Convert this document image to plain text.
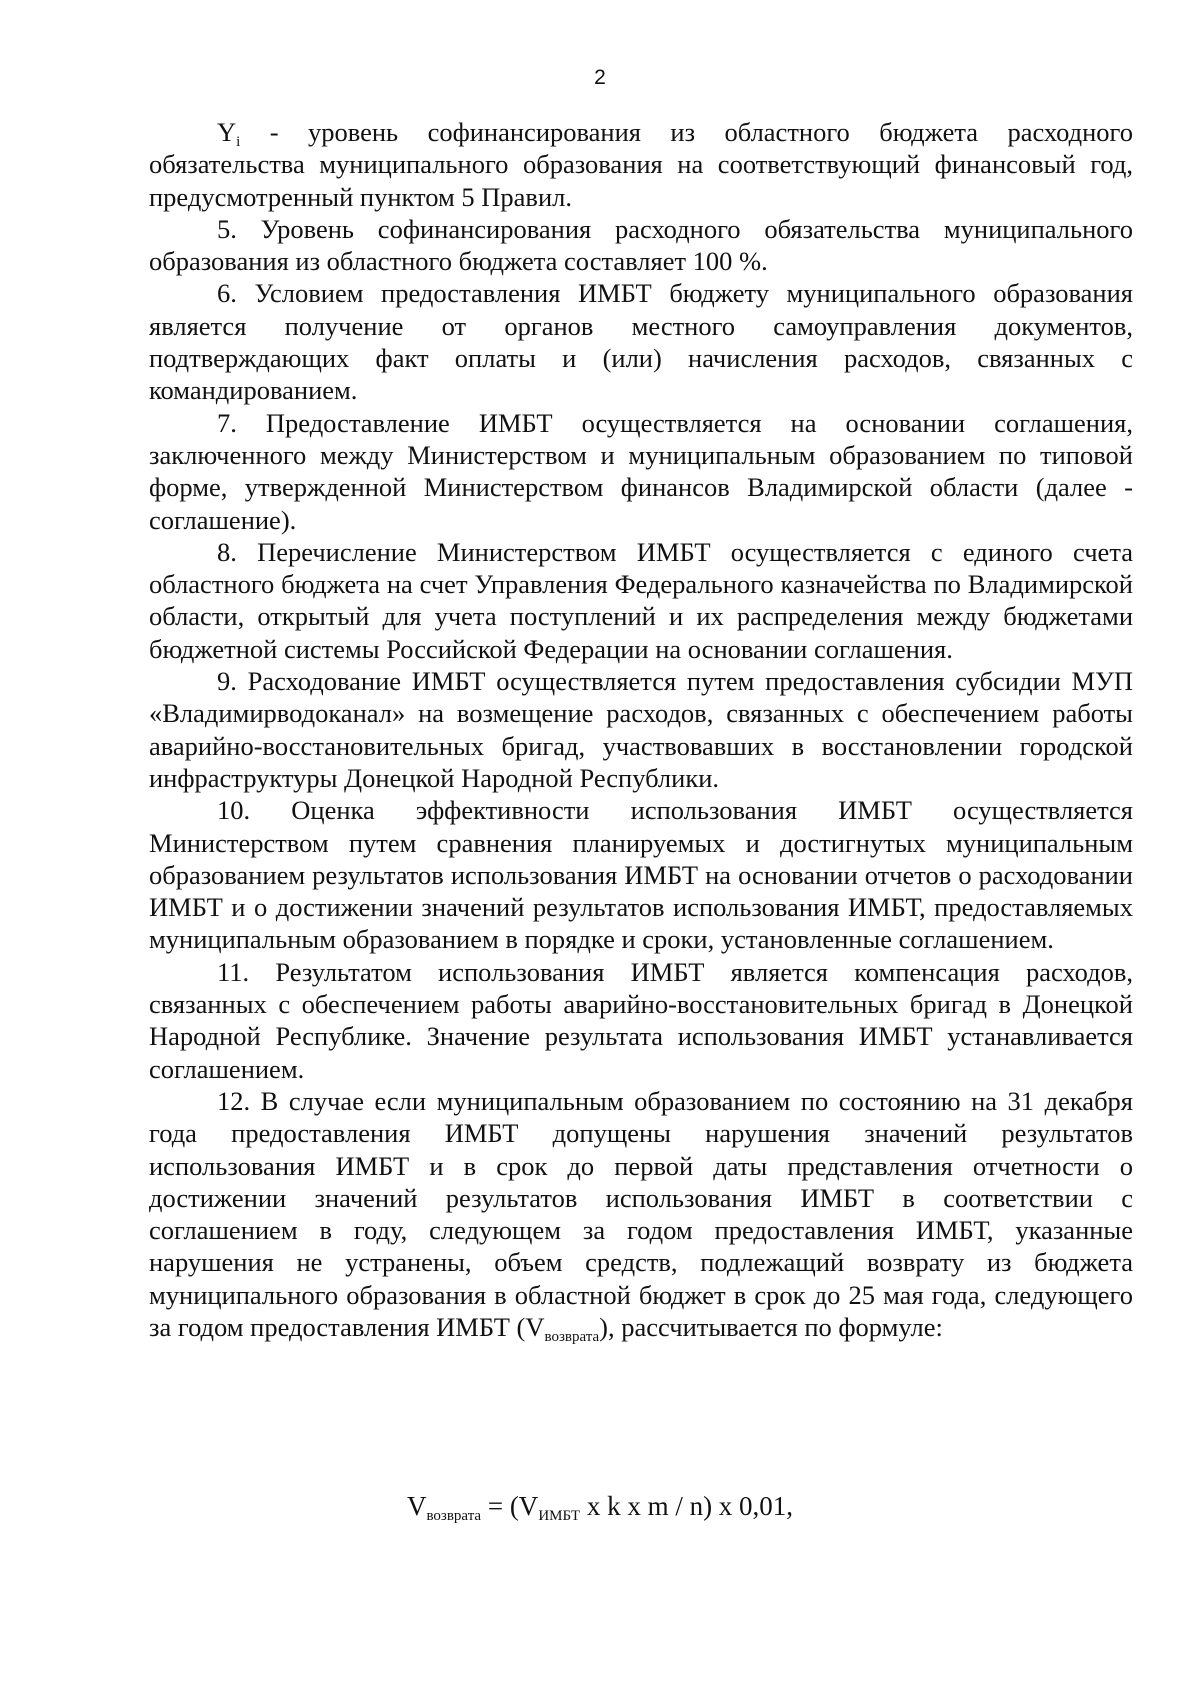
2

$Y_i$ - уровень софинансирования из областного бюджета расходного обязательства муниципального образования на соответствующий финансовый год, предусмотренный пунктом 5 Правил.

5. Уровень софинансирования расходного обязательства муниципального образования из областного бюджета составляет 100 %.

6. Условием предоставления ИМБТ бюджету муниципального образования является получение от органов местного самоуправления документов, подтверждающих факт оплаты и (или) начисления расходов, связанных с командированием.

7. Предоставление ИМБТ осуществляется на основании соглашения, заключенного между Министерством и муниципальным образованием по типовой форме, утвержденной Министерством финансов Владимирской области (далее - соглашение).

8. Перечисление Министерством ИМБТ осуществляется с единого счета областного бюджета на счет Управления Федерального казначейства по Владимирской области, открытый для учета поступлений и их распределения между бюджетами бюджетной системы Российской Федерации на основании соглашения.

9. Расходование ИМБТ осуществляется путем предоставления субсидии МУП «Владимирводоканал» на возмещение расходов, связанных с обеспечением работы аварийно-восстановительных бригад, участвовавших в восстановлении городской инфраструктуры Донецкой Народной Республики.

10. Оценка эффективности использования ИМБТ осуществляется Министерством путем сравнения планируемых и достигнутых муниципальным образованием результатов использования ИМБТ на основании отчетов о расходовании ИМБТ и о достижении значений результатов использования ИМБТ, предоставляемых муниципальным образованием в порядке и сроки, установленные соглашением.

11. Результатом использования ИМБТ является компенсация расходов, связанных с обеспечением работы аварийно-восстановительных бригад в Донецкой Народной Республике. Значение результата использования ИМБТ устанавливается соглашением.

12. В случае если муниципальным образованием по состоянию на 31 декабря года предоставления ИМБТ допущены нарушения значений результатов использования ИМБТ и в срок до первой даты представления отчетности о достижении значений результатов использования ИМБТ в соответствии с соглашением в году, следующем за годом предоставления ИМБТ, указанные нарушения не устранены, объем средств, подлежащий возврату из бюджета муниципального образования в областной бюджет в срок до 25 мая года, следующего за годом предоставления ИМБТ $(V_{возврата})$, рассчитывается по формуле:

$V_{возврата} = (V_{ИМБТ}$ x k x m / n) x 0,01,
